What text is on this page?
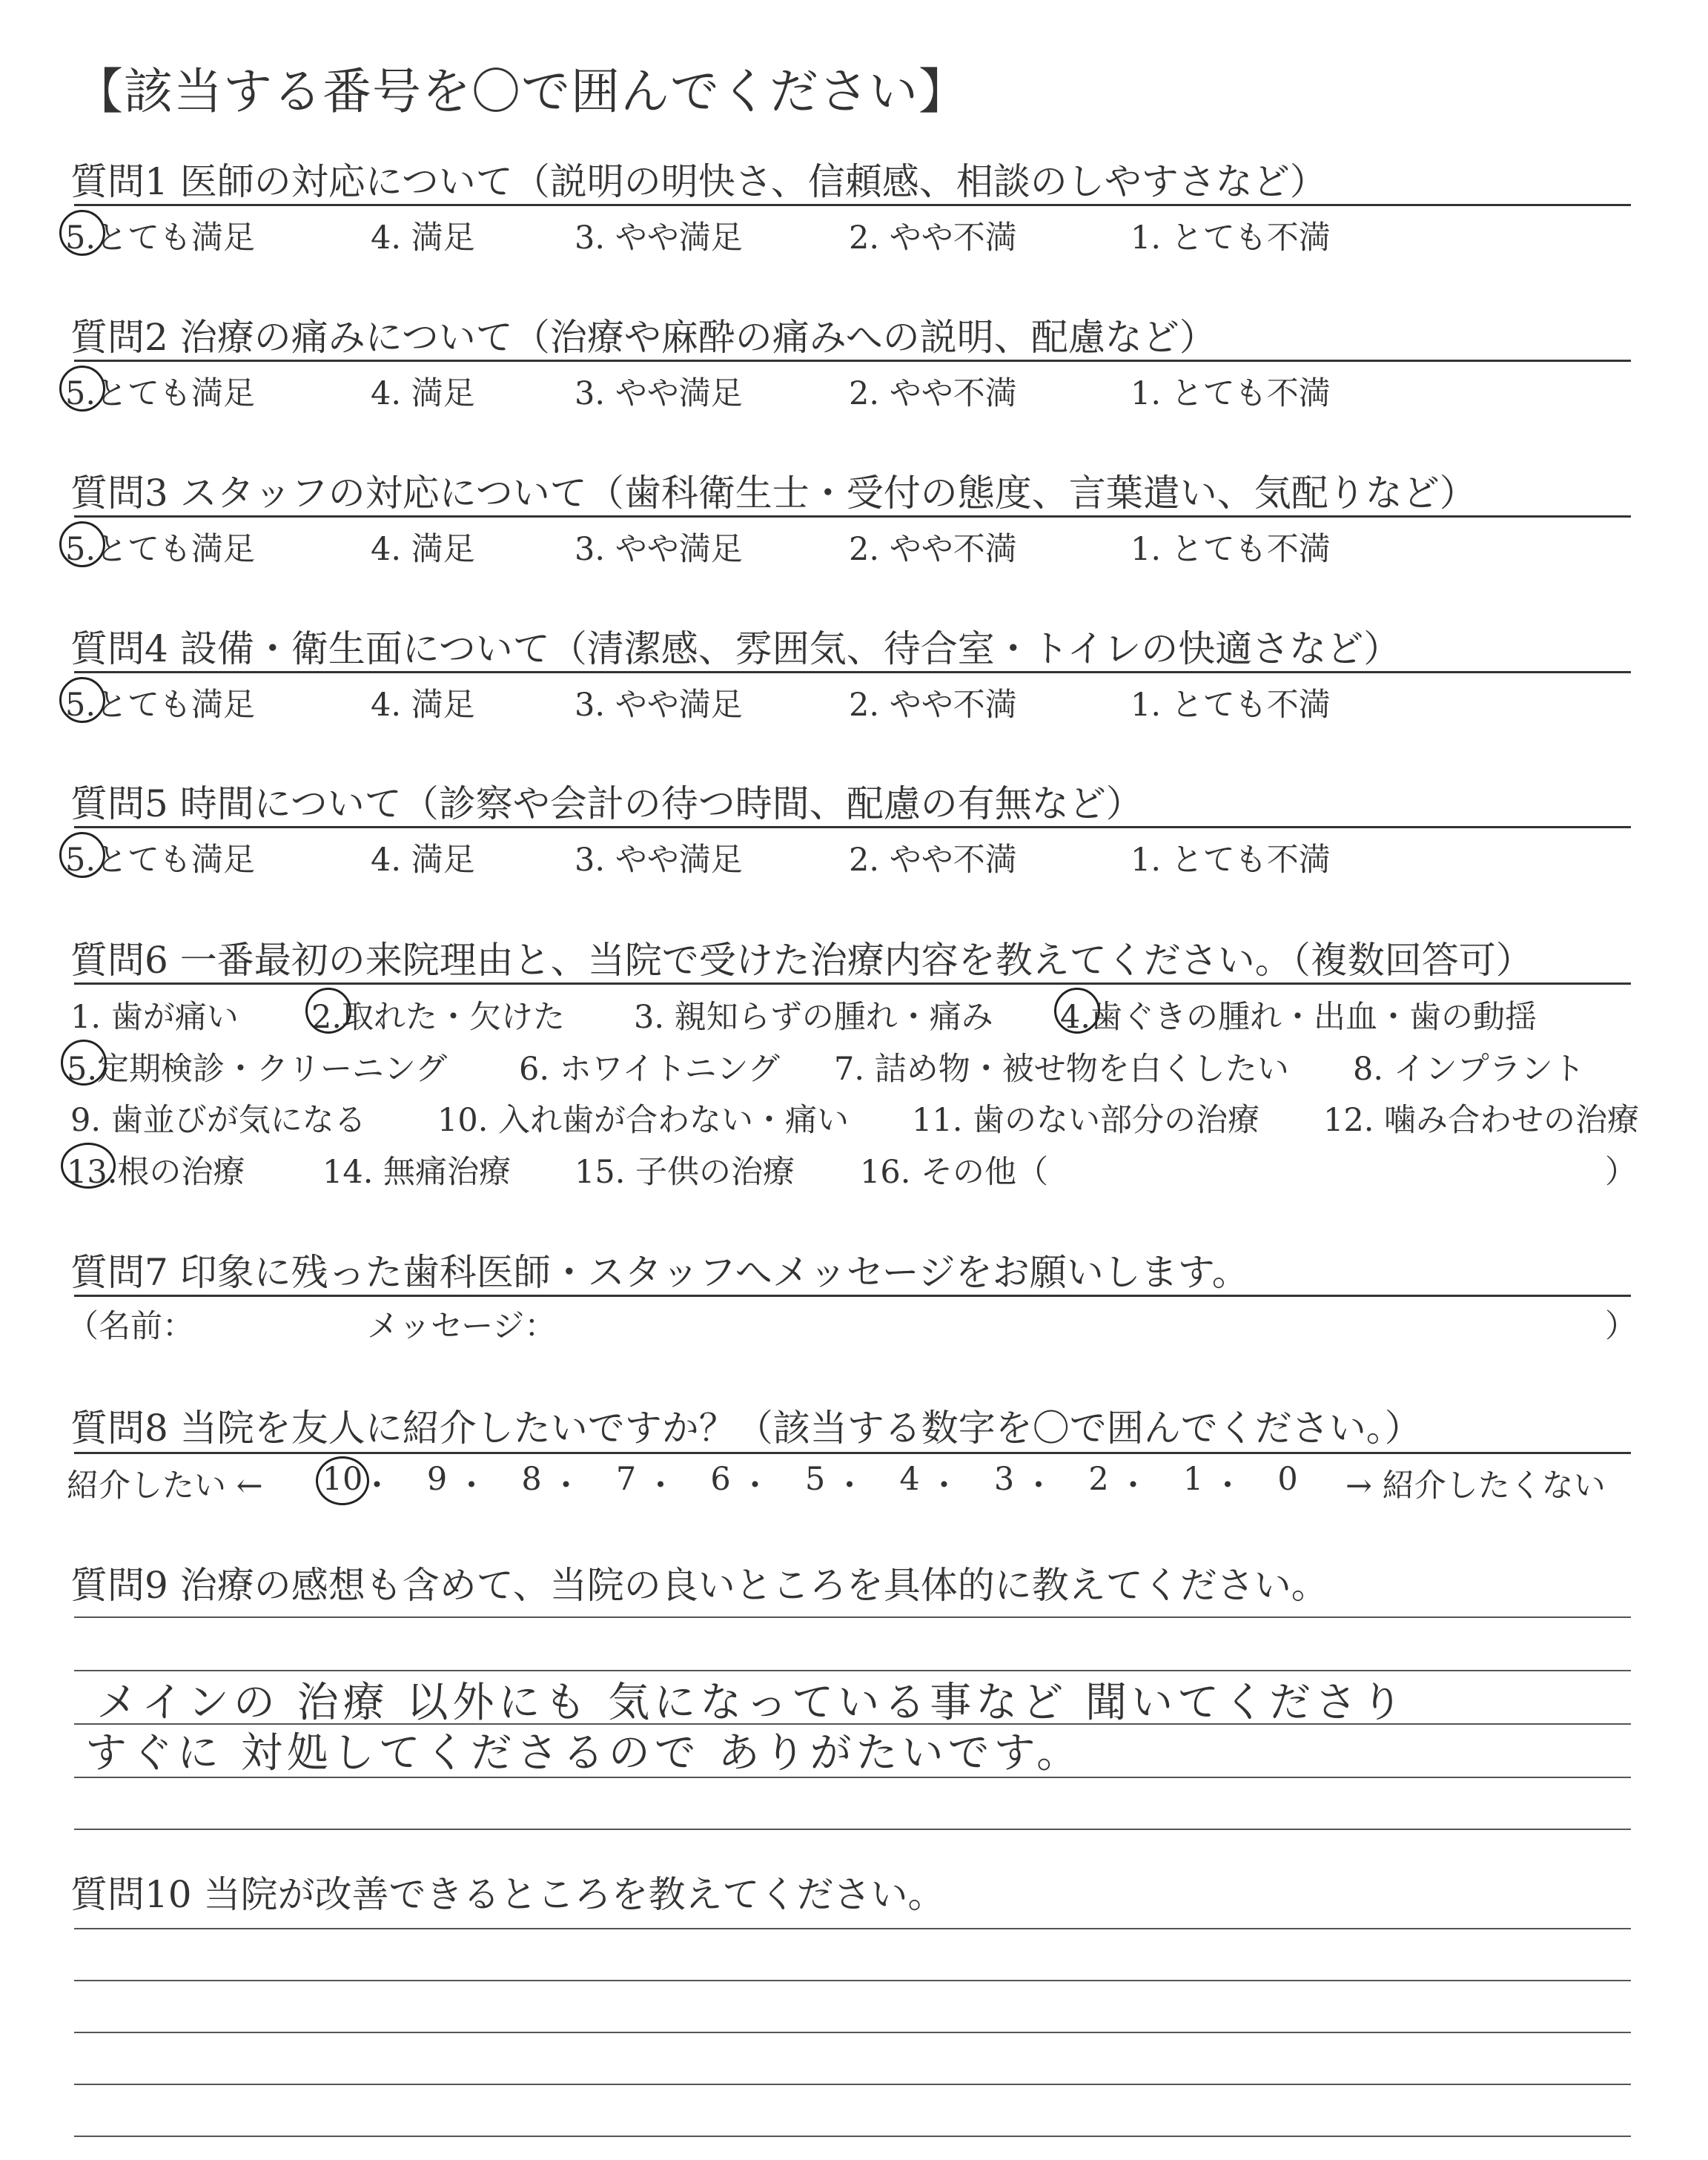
【該当する番号を〇で囲んでください】
質問1 医師の対応について（説明の明快さ、信頼感、相談のしやすさなど）
5.とても満足	4. 満足	3. やや満足	2. やや不満	1. とても不満
質問2 治療の痛みについて（治療や麻酔の痛みへの説明、配慮など）
5.とても満足	4. 満足	3. やや満足	2. やや不満	1. とても不満
質問3 スタッフの対応について（歯科衛生士・受付の態度、言葉遣い、気配りなど）
5.とても満足	4. 満足	3. やや満足	2. やや不満	1. とても不満
質問4 設備・衛生面について（清潔感、雰囲気、待合室・トイレの快適さなど）
5.とても満足	4. 満足	3. やや満足	2. やや不満	1. とても不満
質問5 時間について（診察や会計の待つ時間、配慮の有無など）
5.とても満足	4. 満足	3. やや満足	2. やや不満	1. とても不満
質問6 一番最初の来院理由と、当院で受けた治療内容を教えてください。（複数回答可）
1. 歯が痛い 2.取れた・欠けた 3. 親知らずの腫れ・痛み 4.歯ぐきの腫れ・出血・歯の動揺
5.定期検診・クリーニング 6. ホワイトニング 7. 詰め物・被せ物を白くしたい 8. インプラント
9. 歯並びが気になる 10. 入れ歯が合わない・痛い 11. 歯のない部分の治療 12. 噛み合わせの治療
13.根の治療 14. 無痛治療 15. 子供の治療 16. その他（	）
質問7 印象に残った歯科医師・スタッフへメッセージをお願いします。
（名前：	メッセージ：	）
質問8 当院を友人に紹介したいですか？（該当する数字を〇で囲んでください。）
紹介したい ← 10
・	9 ・	8 ・	7 ・	6 ・	5 ・	4 ・	3 ・	2 ・	1 ・	0	→ 紹介したくない
質問9 治療の感想も含めて、当院の良いところを具体的に教えてください。
メインの 治療 以外にも 気になっている事など 聞いてくださり
すぐに 対処してくださるので ありがたいです。
質問10 当院が改善できるところを教えてください。
